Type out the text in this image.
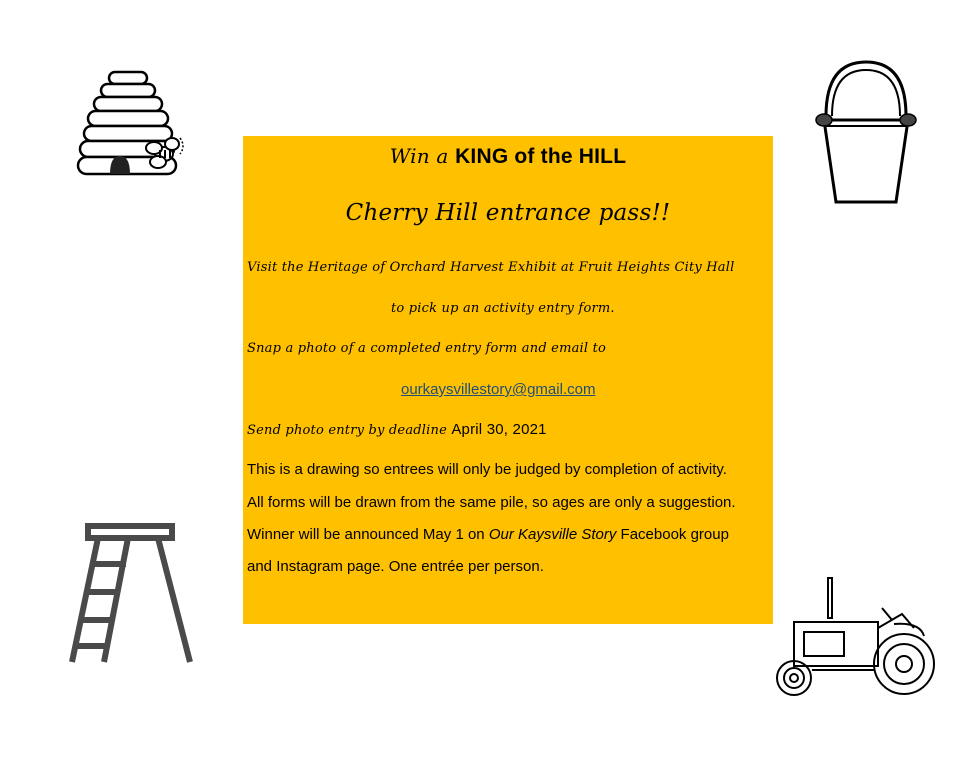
Win a KING of the HILL
Cherry Hill entrance pass!!
Visit the Heritage of Orchard Harvest Exhibit at Fruit Heights City Hall
to pick up an activity entry form.
Snap a photo of a completed entry form and email to
ourkaysvillestory@gmail.com
Send photo entry by deadline April 30, 2021
This is a drawing so entrees will only be judged by completion of activity.
All forms will be drawn from the same pile, so ages are only a suggestion.
Winner will be announced May 1 on Our Kaysville Story Facebook group
and Instagram page. One entrée per person.
